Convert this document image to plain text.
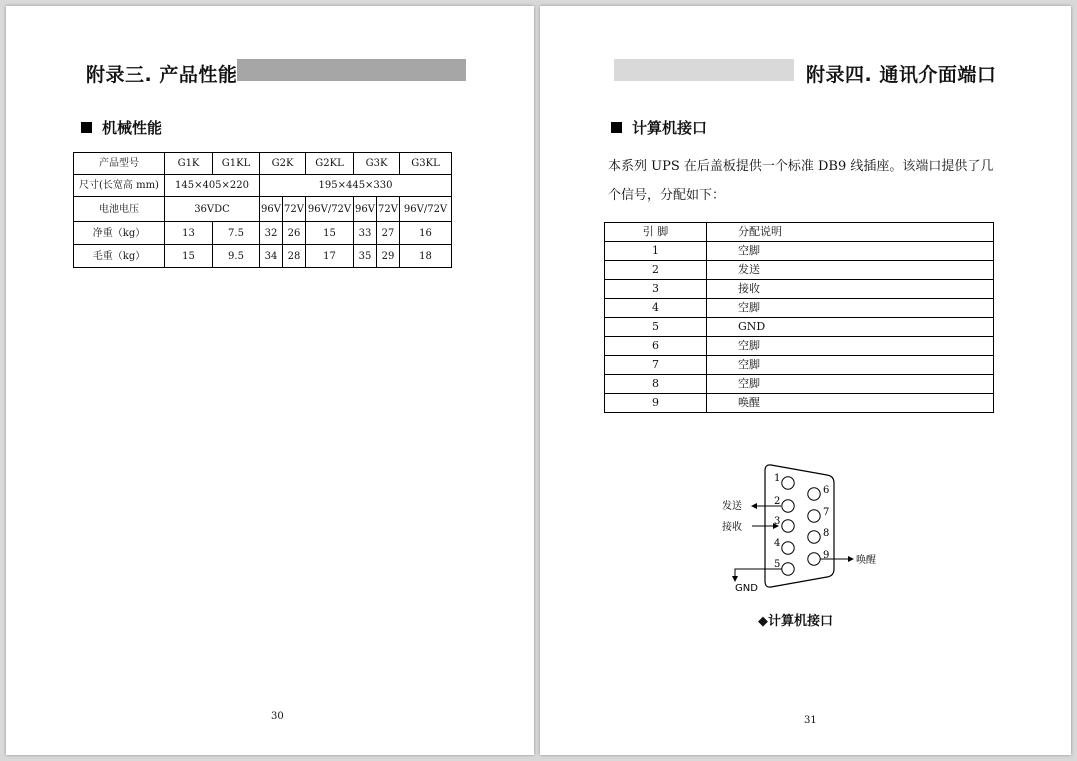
附录三. 产品性能
机械性能
产品型号	G1K	G1KL	G2K		G2KL	G3K		G3KL
尺寸(长宽高 mm)	145×405×220		195×445×330					
电池电压	36VDC		96V	72V	96V/72V	96V	72V	96V/72V
净重（kg）	13	7.5	32	26	15	33	27	16
毛重（kg）	15	9.5	34	28	17	35	29	18
30
附录四. 通讯介面端口
计算机接口
本系列 UPS 在后盖板提供一个标准 DB9 线插座。该端口提供了几
个信号，分配如下：
引 脚	分配说明
1	空脚
2	发送
3	接收
4	空脚
5	GND
6	空脚
7	空脚
8	空脚
9	唤醒
1
2
3
4
5
6
7
8
9
发送
接收
GND
唤醒
◆计算机接口
31
